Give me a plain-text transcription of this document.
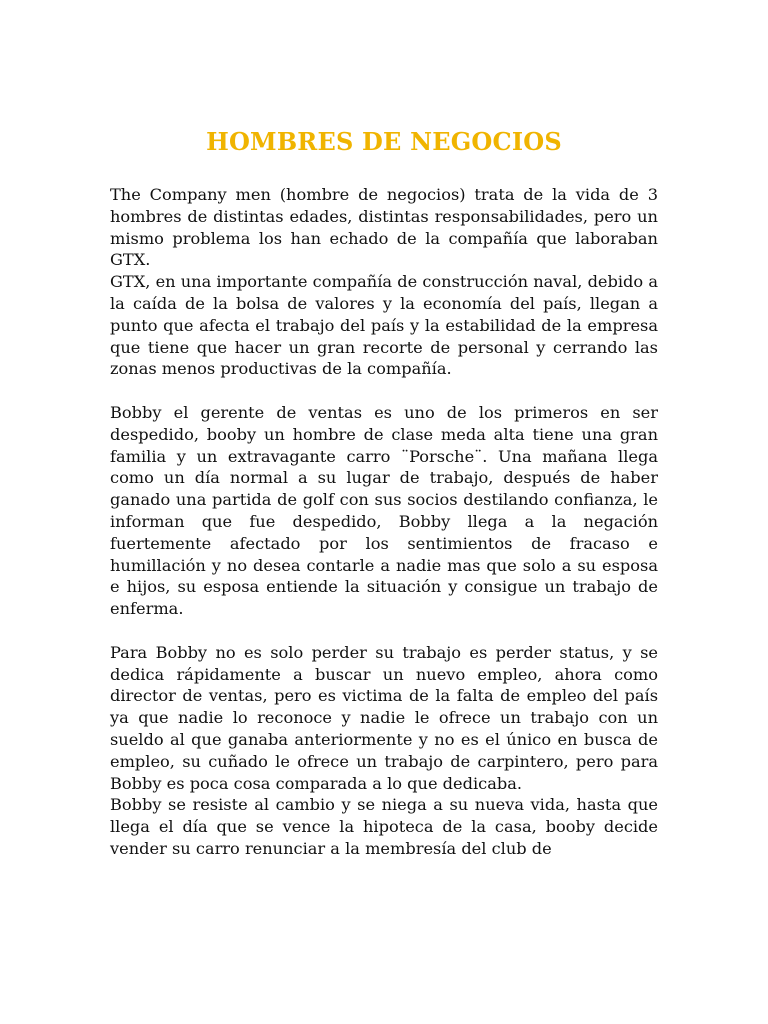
HOMBRES DE NEGOCIOS

The Company men (hombre de negocios) trata de la vida de 3 hombres de distintas edades, distintas responsabilidades, pero un mismo problema los han echado de la compañía que laboraban GTX.

GTX, en una importante compañía de construcción naval, debido a la caída de la bolsa de valores y la economía del país, llegan a punto que afecta el trabajo del país y la estabilidad de la empresa que tiene que hacer un gran recorte de personal y cerrando las zonas menos productivas de la compañía.

Bobby el gerente de ventas es uno de los primeros en ser despedido, booby un hombre de clase meda alta tiene una gran familia y un extravagante carro ¨Porsche¨. Una mañana llega como un día normal a su lugar de trabajo, después de haber ganado una partida de golf con sus socios destilando confianza, le informan que fue despedido, Bobby llega a la negación fuertemente afectado por los sentimientos de fracaso e humillación y no desea contarle a nadie mas que solo a su esposa e hijos, su esposa entiende la situación y consigue un trabajo de enferma.

Para Bobby no es solo perder su trabajo es perder status, y se dedica rápidamente a buscar un nuevo empleo, ahora como director de ventas, pero es victima de la falta de empleo del país ya que nadie lo reconoce y nadie le ofrece un trabajo con un sueldo al que ganaba anteriormente y no es el único en busca de empleo, su cuñado le ofrece un trabajo de carpintero, pero para Bobby es poca cosa comparada a lo que dedicaba.

Bobby se resiste al cambio y se niega a su nueva vida, hasta que llega el día que se vence la hipoteca de la casa, booby decide vender su carro renunciar a la membresía del club de
